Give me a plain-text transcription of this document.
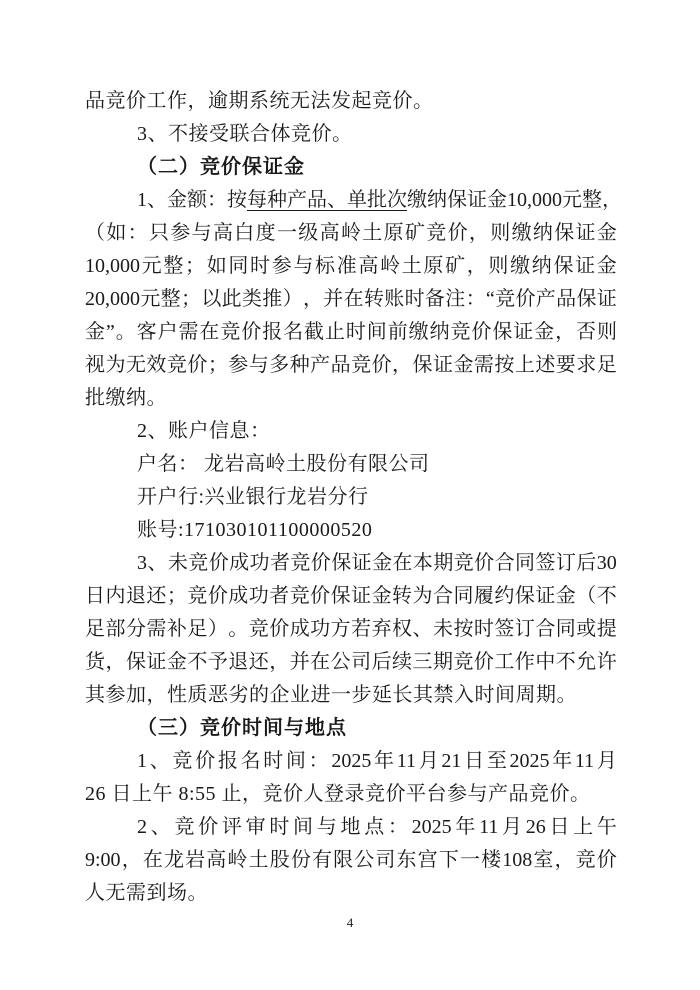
品竞价工作，逾期系统无法发起竞价。
3、不接受联合体竞价。
（二）竞价保证金
1 、 金 额 ： 按 每 种 产 品 、 单 批 次 缴 纳 保 证 金 10,000 元 整 ，
（ 如 ： 只 参 与 高 白 度 一 级 高 岭 土 原 矿 竞 价 ， 则 缴 纳 保 证 金
10,000 元 整 ； 如 同 时 参 与 标 准 高 岭 土 原 矿 ， 则 缴 纳 保 证 金
20,000 元 整 ； 以 此 类 推 ） ， 并 在 转 账 时 备 注 ： “ 竞 价 产 品 保 证
金 ” 。 客 户 需 在 竞 价 报 名 截 止 时 间 前 缴 纳 竞 价 保 证 金 ， 否 则
视 为 无 效 竞 价 ； 参 与 多 种 产 品 竞 价 ， 保 证 金 需 按 上 述 要 求 足
批缴纳。
2、账户信息：
户名： 龙岩高岭土股份有限公司
开户行:兴业银行龙岩分行
账号:171030101100000520
3 、 未 竞 价 成 功 者 竞 价 保 证 金 在 本 期 竞 价 合 同 签 订 后 30
日 内 退 还 ； 竞 价 成 功 者 竞 价 保 证 金 转 为 合 同 履 约 保 证 金 （ 不
足 部 分 需 补 足 ） 。 竞 价 成 功 方 若 弃 权 、 未 按 时 签 订 合 同 或 提
货 ， 保 证 金 不 予 退 还 ， 并 在 公 司 后 续 三 期 竞 价 工 作 中 不 允 许
其参加，性质恶劣的企业进一步延长其禁入时间周期。
（三）竞价时间与地点
1 、 竞 价 报 名 时 间 ： 2025 年 11 月 21 日 至 2025 年 11 月
26 日上午 8:55 止，竞价人登录竞价平台参与产品竞价。
2 、 竞 价 评 审 时 间 与 地 点 ： 2025 年 11 月 26 日 上 午
9:00 ， 在 龙 岩 高 岭 土 股 份 有 限 公 司 东 宫 下 一 楼 108 室 ， 竞 价
人无需到场。
4
